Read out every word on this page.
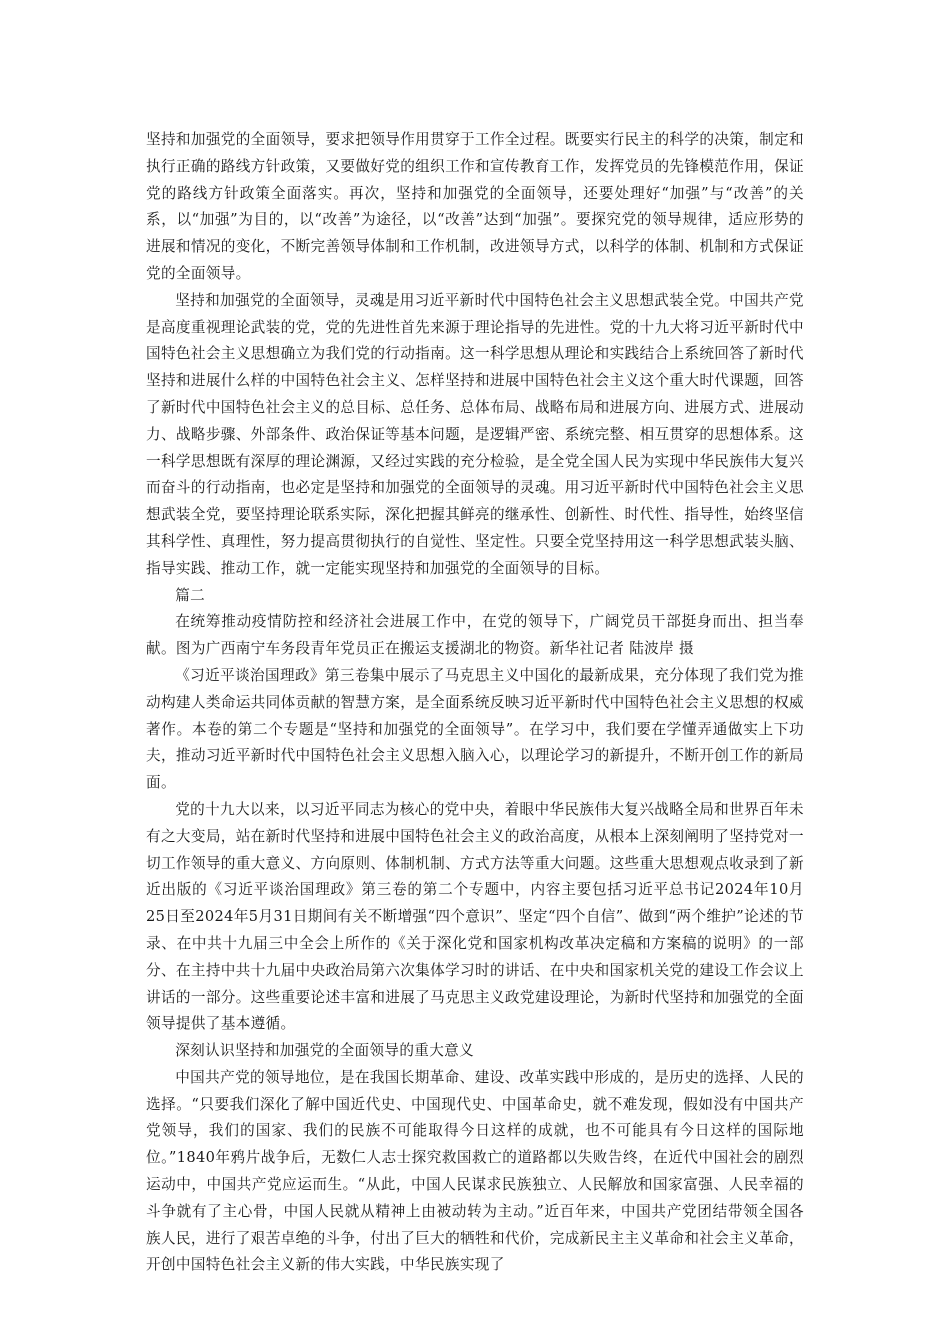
坚持和加强党的全面领导，要求把领导作用贯穿于工作全过程。既要实行民主的科学的决策，制定和执行正确的路线方针政策，又要做好党的组织工作和宣传教育工作，发挥党员的先锋模范作用，保证党的路线方针政策全面落实。再次，坚持和加强党的全面领导，还要处理好“加强”与“改善”的关系，以“加强”为目的，以“改善”为途径，以“改善”达到“加强”。要探究党的领导规律，适应形势的进展和情况的变化，不断完善领导体制和工作机制，改进领导方式，以科学的体制、机制和方式保证党的全面领导。

坚持和加强党的全面领导，灵魂是用习近平新时代中国特色社会主义思想武装全党。中国共产党是高度重视理论武装的党，党的先进性首先来源于理论指导的先进性。党的十九大将习近平新时代中国特色社会主义思想确立为我们党的行动指南。这一科学思想从理论和实践结合上系统回答了新时代坚持和进展什么样的中国特色社会主义、怎样坚持和进展中国特色社会主义这个重大时代课题，回答了新时代中国特色社会主义的总目标、总任务、总体布局、战略布局和进展方向、进展方式、进展动力、战略步骤、外部条件、政治保证等基本问题，是逻辑严密、系统完整、相互贯穿的思想体系。这一科学思想既有深厚的理论渊源，又经过实践的充分检验，是全党全国人民为实现中华民族伟大复兴而奋斗的行动指南，也必定是坚持和加强党的全面领导的灵魂。用习近平新时代中国特色社会主义思想武装全党，要坚持理论联系实际，深化把握其鲜亮的继承性、创新性、时代性、指导性，始终坚信其科学性、真理性，努力提高贯彻执行的自觉性、坚定性。只要全党坚持用这一科学思想武装头脑、指导实践、推动工作，就一定能实现坚持和加强党的全面领导的目标。

篇二

在统筹推动疫情防控和经济社会进展工作中，在党的领导下，广阔党员干部挺身而出、担当奉献。图为广西南宁车务段青年党员正在搬运支援湖北的物资。新华社记者 陆波岸 摄

《习近平谈治国理政》第三卷集中展示了马克思主义中国化的最新成果，充分体现了我们党为推动构建人类命运共同体贡献的智慧方案，是全面系统反映习近平新时代中国特色社会主义思想的权威著作。本卷的第二个专题是“坚持和加强党的全面领导”。在学习中，我们要在学懂弄通做实上下功夫，推动习近平新时代中国特色社会主义思想入脑入心，以理论学习的新提升，不断开创工作的新局面。

党的十九大以来，以习近平同志为核心的党中央，着眼中华民族伟大复兴战略全局和世界百年未有之大变局，站在新时代坚持和进展中国特色社会主义的政治高度，从根本上深刻阐明了坚持党对一切工作领导的重大意义、方向原则、体制机制、方式方法等重大问题。这些重大思想观点收录到了新近出版的《习近平谈治国理政》第三卷的第二个专题中，内容主要包括习近平总书记2024年10月25日至2024年5月31日期间有关不断增强“四个意识”、坚定“四个自信”、做到“两个维护”论述的节录、在中共十九届三中全会上所作的《关于深化党和国家机构改革决定稿和方案稿的说明》的一部分、在主持中共十九届中央政治局第六次集体学习时的讲话、在中央和国家机关党的建设工作会议上讲话的一部分。这些重要论述丰富和进展了马克思主义政党建设理论，为新时代坚持和加强党的全面领导提供了基本遵循。

深刻认识坚持和加强党的全面领导的重大意义

中国共产党的领导地位，是在我国长期革命、建设、改革实践中形成的，是历史的选择、人民的选择。“只要我们深化了解中国近代史、中国现代史、中国革命史，就不难发现，假如没有中国共产党领导，我们的国家、我们的民族不可能取得今日这样的成就，也不可能具有今日这样的国际地位。”1840年鸦片战争后，无数仁人志士探究救国救亡的道路都以失败告终，在近代中国社会的剧烈运动中，中国共产党应运而生。“从此，中国人民谋求民族独立、人民解放和国家富强、人民幸福的斗争就有了主心骨，中国人民就从精神上由被动转为主动。”近百年来，中国共产党团结带领全国各族人民，进行了艰苦卓绝的斗争，付出了巨大的牺牲和代价，完成新民主主义革命和社会主义革命，开创中国特色社会主义新的伟大实践，中华民族实现了
